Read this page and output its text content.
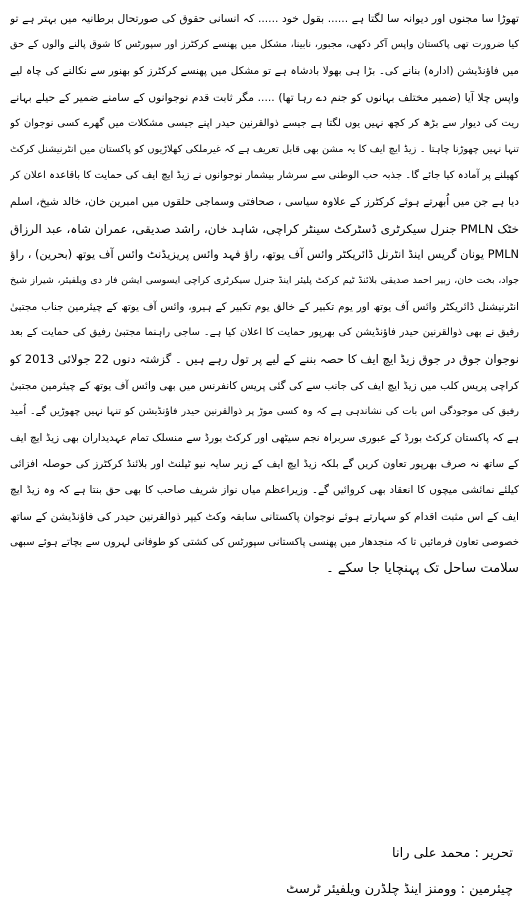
تھوڑا سا مجنوں اور دیوانہ سا لگتا ہے ...... بقول خود ...... کہ انسانی حقوق کی صورتحال برطانیہ میں بہتر ہے تو
کیا ضرورت تھی پاکستان واپس آکر دکھی، مجبور، نابینا، مشکل میں پھنسے کرکٹرز اور سپورٹس کا شوق پالنے والوں کے حق
میں فاؤنڈیشن (ادارہ) بنانے کی۔ بڑا ہی بھولا بادشاہ ہے تو مشکل میں پھنسے کرکٹرز کو بھنور سے نکالنے کی چاہ لیے
واپس چلا آیا (ضمیر مختلف بہانوں کو جنم دے رہا تھا) ..... مگر ثابت قدم نوجوانوں کے سامنے ضمیر کے حیلے بہانے
ریت کی دیوار سے بڑھ کر کچھ نہیں یوں لگتا ہے جیسے ذوالقرنین حیدر اپنے جیسی مشکلات میں گھرے کسی نوجوان کو
تنہا نہیں چھوڑنا چاہتا ۔ زیڈ ایچ ایف کا یہ مشن بھی قابل تعریف ہے کہ غیرملکی کھلاڑیوں کو پاکستان میں انٹرنیشنل کرکٹ
کھیلنے پر آمادہ کیا جائے گا۔ جذبہ حب الوطنی سے سرشار بیشمار نوجوانوں نے زیڈ ایچ ایف کی حمایت کا باقاعدہ اعلان کر
دیا ہے جن میں اُبھرتے ہوئے کرکٹرز کے علاوہ سیاسی ، صحافتی وسماجی حلقوں میں امبرین خان، خالد شیخ، اسلم
خٹک PMLN جنرل سیکرٹری ڈسٹرکٹ سینٹر کراچی، شاہد خان، راشد صدیقی، عمران شاہ، عبد الرزاق
PMLN یونان گریس اینڈ انٹرنل ڈائریکٹر وائس آف یوتھ، راؤ فہد وائس پریزیڈنٹ وائس آف یوتھ (بحرین) ، راؤ
جواد، بخت خان، زبیر احمد صدیقی بلائنڈ ٹیم کرکٹ پلیئر اینڈ جنرل سیکرٹری کراچی ایسوسی ایشن فار دی ویلفیئر، شیراز شیخ
انٹرنیشنل ڈائریکٹر وائس آف یوتھ اور یوم تکبیر کے خالق یوم تکبیر کے ہیرو، وائس آف یوتھ کے چیئرمین جناب مجتبیٰ
رفیق نے بھی ذوالقرنین حیدر فاؤنڈیشن کی بھرپور حمایت کا اعلان کیا ہے۔ ساجی راہنما مجتبیٰ رفیق کی حمایت کے بعد
نوجوان جوق در جوق زیڈ ایچ ایف کا حصہ بننے کے لیے پر تول رہے ہیں ۔ گزشتہ دنوں 22 جولائی 2013 کو
کراچی پریس کلب میں زیڈ ایچ ایف کی جانب سے کی گئی پریس کانفرنس میں بھی وائس آف یوتھ کے چیئرمین مجتبیٰ
رفیق کی موجودگی اس بات کی نشاندہی ہے کہ وہ کسی موڑ پر ذوالقرنین حیدر فاؤنڈیشن کو تنہا نہیں چھوڑیں گے۔ اُمید
ہے کہ پاکستان کرکٹ بورڈ کے عبوری سربراہ نجم سیٹھی اور کرکٹ بورڈ سے منسلک تمام عہدیداران بھی زیڈ ایچ ایف
کے ساتھ نہ صرف بھرپور تعاون کریں گے بلکہ زیڈ ایچ ایف کے زیر سایہ نیو ٹیلنٹ اور بلائنڈ کرکٹرز کی حوصلہ افزائی
کیلئے نمائشی میچوں کا انعقاد بھی کروائیں گے۔ وزیراعظم میاں نواز شریف صاحب کا بھی حق بنتا ہے کہ وہ زیڈ ایچ
ایف کے اس مثبت اقدام کو سہارتے ہوئے نوجوان پاکستانی سابقہ وکٹ کیپر ذوالقرنین حیدر کی فاؤنڈیشن کے ساتھ
خصوصی تعاون فرمائیں تا کہ منجدھار میں پھنسی پاکستانی سپورٹس کی کشتی کو طوفانی لہروں سے بچاتے ہوئے سبھی
سلامت ساحل تک پہنچایا جا سکے ۔
تحریر : محمد علی رانا
چیئرمین : وومنز اینڈ چلڈرن ویلفیئر ٹرسٹ
